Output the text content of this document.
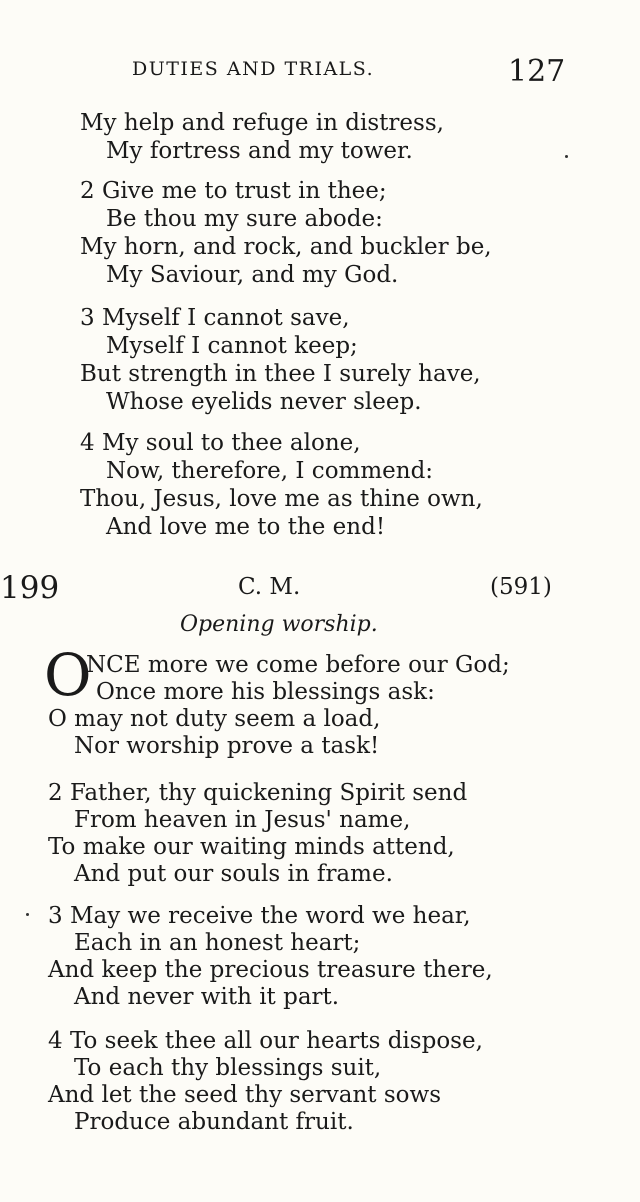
DUTIES AND TRIALS.	127
My help and refuge in distress,
My fortress and my tower.
2 Give me to trust in thee;
Be thou my sure abode:
My horn, and rock, and buckler be,
My Saviour, and my God.
3 Myself I cannot save,
Myself I cannot keep;
But strength in thee I surely have,
Whose eyelids never sleep.
4 My soul to thee alone,
Now, therefore, I commend:
Thou, Jesus, love me as thine own,
And love me to the end!
199	C. M.	(591)
Opening worship.
O
NCE more we come before our God;
Once more his blessings ask:
O may not duty seem a load,
Nor worship prove a task!
2 Father, thy quickening Spirit send
From heaven in Jesus' name,
To make our waiting minds attend,
And put our souls in frame.
3 May we receive the word we hear,
Each in an honest heart;
And keep the precious treasure there,
And never with it part.
4 To seek thee all our hearts dispose,
To each thy blessings suit,
And let the seed thy servant sows
Produce abundant fruit.
